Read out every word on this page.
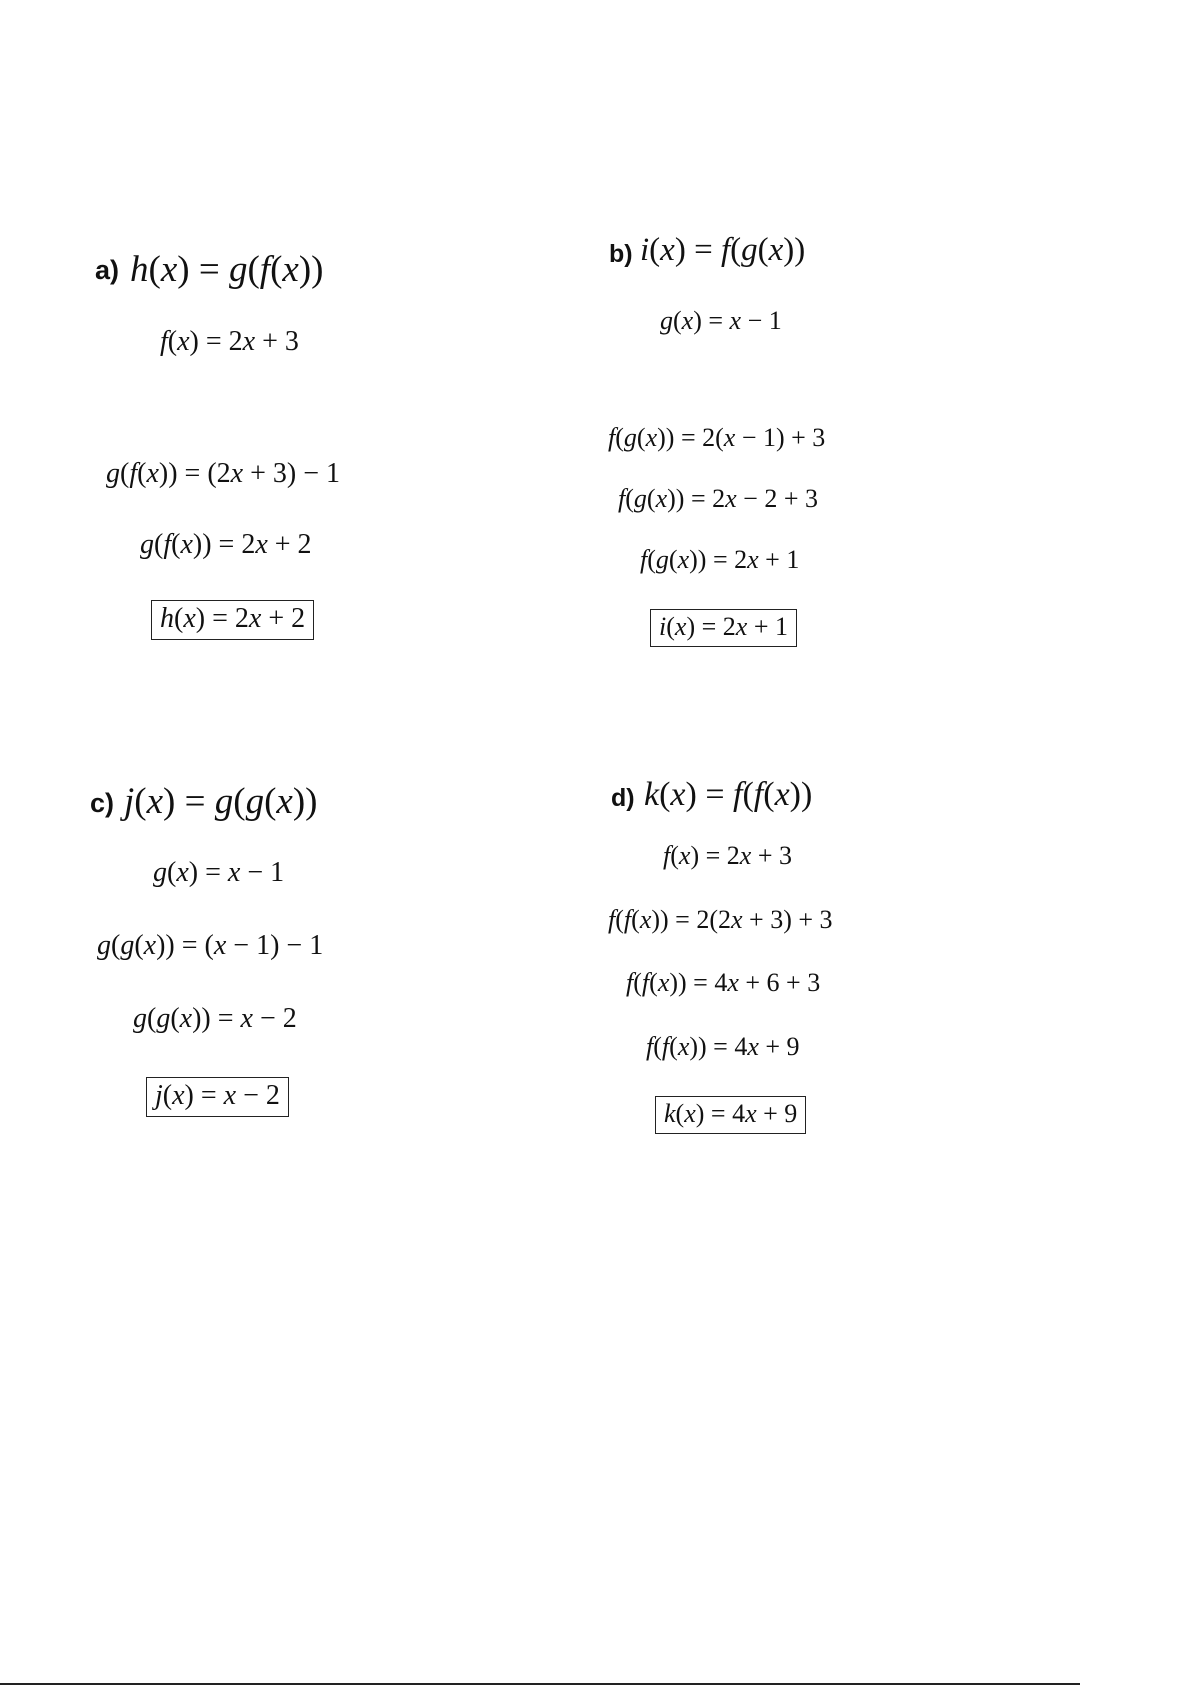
a) h(x) = g(f(x))
f(x) = 2x + 3
g(f(x)) = (2x + 3) − 1
g(f(x)) = 2x + 2
h(x) = 2x + 2
b) i(x) = f(g(x))
g(x) = x − 1
f(g(x)) = 2(x − 1) + 3
f(g(x)) = 2x − 2 + 3
f(g(x)) = 2x + 1
i(x) = 2x + 1
c) j(x) = g(g(x))
g(x) = x − 1
g(g(x)) = (x − 1) − 1
g(g(x)) = x − 2
j(x) = x − 2
d) k(x) = f(f(x))
f(x) = 2x + 3
f(f(x)) = 2(2x + 3) + 3
f(f(x)) = 4x + 6 + 3
f(f(x)) = 4x + 9
k(x) = 4x + 9
